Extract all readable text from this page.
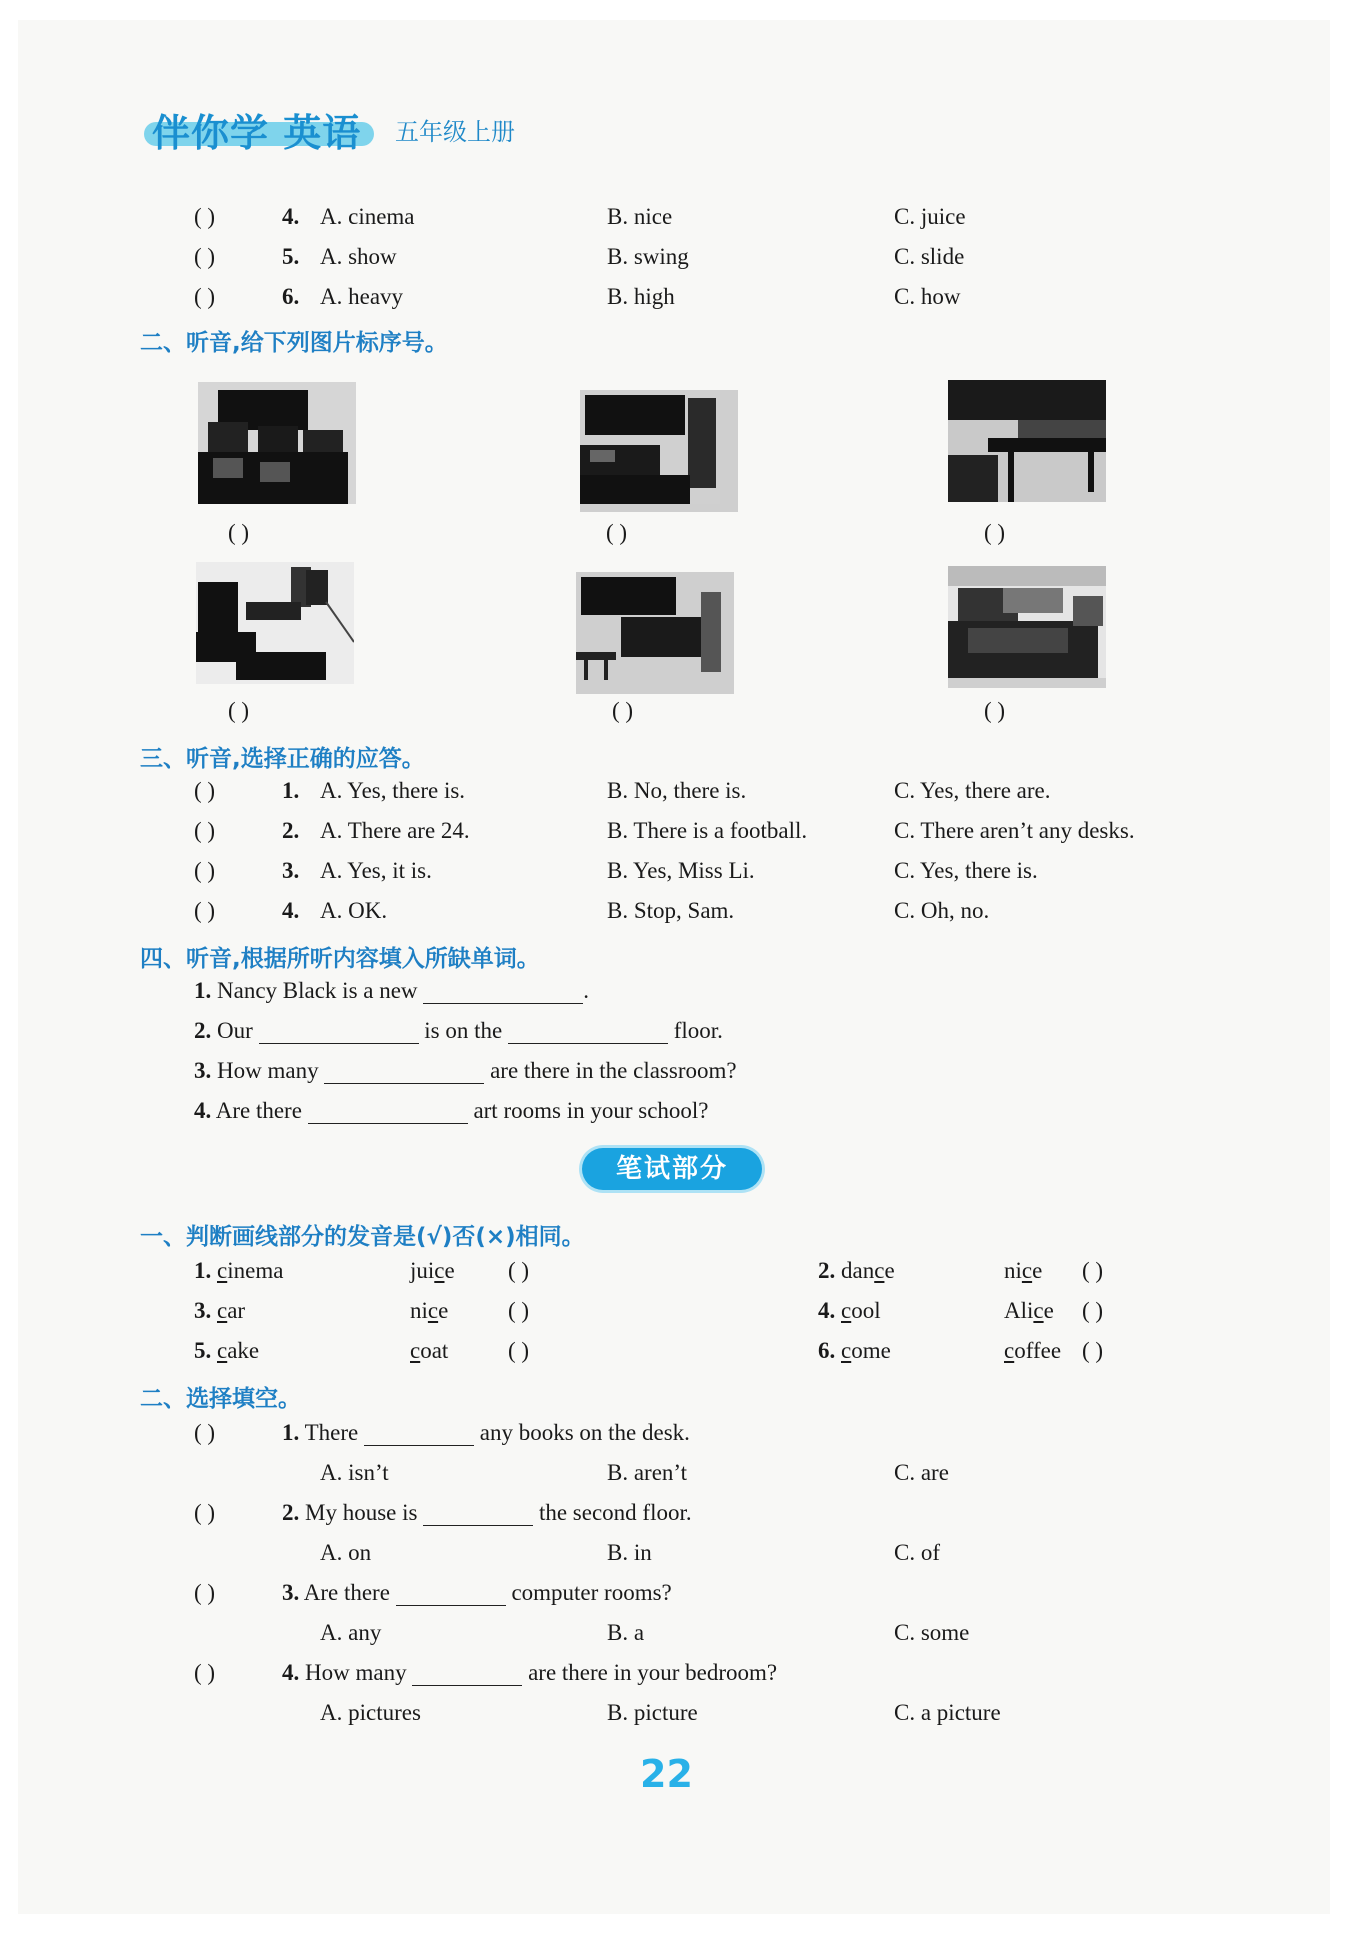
伴你学 英语 五年级上册
( )	4. A. cinema	B. nice	C. juice
( )	5. A. show	B. swing	C. slide
( )	6. A. heavy	B. high	C. how
二、听音,给下列图片标序号。
( )	( )	( )
( )	( )	( )
三、听音,选择正确的应答。
( )	1. A. Yes, there is.	B. No, there is.	C. Yes, there are.
( )	2. A. There are 24.	B. There is a football.	C. There aren’t any desks.
( )	3. A. Yes, it is.	B. Yes, Miss Li.	C. Yes, there is.
( )	4. A. OK.	B. Stop, Sam.	C. Oh, no.
四、听音,根据所听内容填入所缺单词。
1. Nancy Black is a new	.
2. Our	is on the	floor.
3. How many	are there in the classroom?
4. Are there	art rooms in your school?
笔试部分
一、判断画线部分的发音是(√)否(×)相同。
1. cinema	juice ( )	2. dance	nice ( )
3. car	nice	( )	4. cool	Alice ( )
5. cake	coat	( )	6. come	coffee ( )
二、选择填空。
( )	1. There	any books on the desk.
A. isn’t	B. aren’t	C. are
( )	2. My house is	the second floor.
A. on	B. in	C. of
( )	3. Are there	computer rooms?
A. any	B. a	C. some
( )	4. How many	are there in your bedroom?
A. pictures	B. picture	C. a picture
22
